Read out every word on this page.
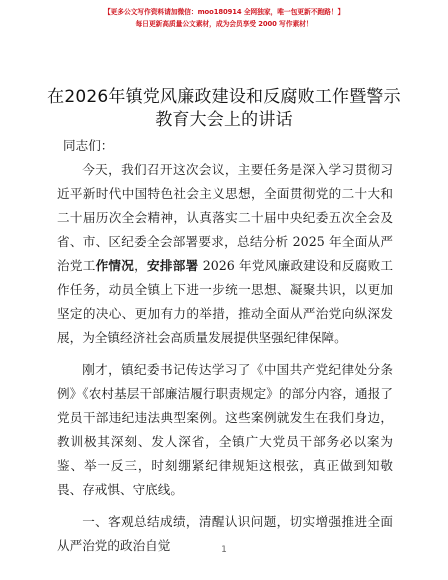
【更多公文写作资料请加微信：moo180914 全网独家，唯一包更新不跑路！】
每日更新高质量公文素材，成为会员享受 2000 写作素材！
在2026年镇党风廉政建设和反腐败工作暨警示教育大会上的讲话

同志们：

今天，我们召开这次会议，主要任务是深入学习贯彻习近平新时代中国特色社会主义思想，全面贯彻党的二十大和二十届历次全会精神，认真落实二十届中央纪委五次全会及省、市、区纪委全会部署要求，总结分析 2025 年全面从严治党工作情况，安排部署 2026 年党风廉政建设和反腐败工作任务，动员全镇上下进一步统一思想、凝聚共识，以更加坚定的决心、更加有力的举措，推动全面从严治党向纵深发展，为全镇经济社会高质量发展提供坚强纪律保障。

刚才，镇纪委书记传达学习了《中国共产党纪律处分条例》《农村基层干部廉洁履行职责规定》的部分内容，通报了党员干部违纪违法典型案例。这些案例就发生在我们身边，教训极其深刻、发人深省，全镇广大党员干部务必以案为鉴、举一反三，时刻绷紧纪律规矩这根弦，真正做到知敬畏、存戒惧、守底线。

一、客观总结成绩，清醒认识问题，切实增强推进全面从严治党的政治自觉	1
